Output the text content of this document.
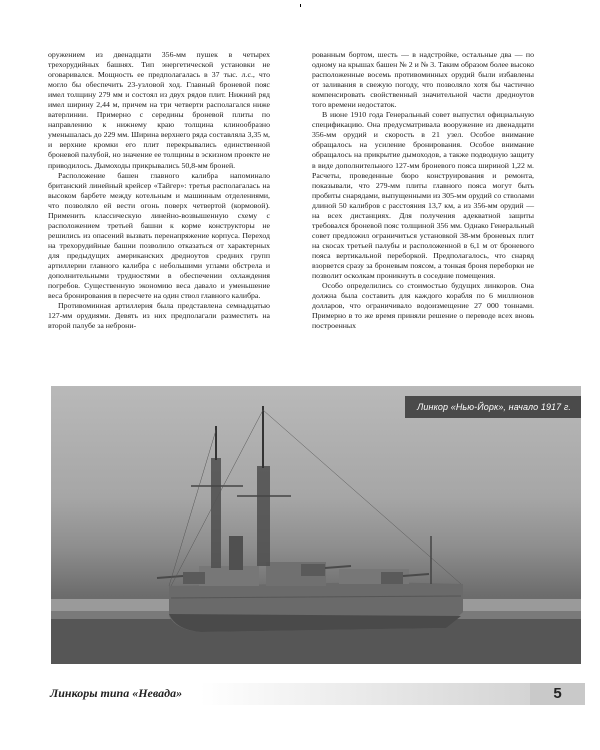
оружением из двенадцати 356-мм пушек в четырех трехорудийных башнях. Тип энергетической установки не оговаривался. Мощность ее предполагалась в 37 тыс. л.с., что могло бы обеспечить 23-узловой ход. Главный броневой пояс имел толщину 279 мм и состоял из двух рядов плит. Нижний ряд имел ширину 2,44 м, причем на три четверти располагался ниже ватерлинии. Примерно с середины броневой плиты по направлению к нижнему краю толщина клинообразно уменьшалась до 229 мм. Ширина верхнего ряда составляла 3,35 м, и верхние кромки его плит перекрывались единственной броневой палубой, но значение ее толщины в эскизном проекте не приводилось. Дымоходы прикрывались 50,8-мм броней.

Расположение башен главного калибра напоминало британский линейный крейсер «Тайгер»: третья располагалась на высоком барбете между котельным и машинным отделениями, что позволяло ей вести огонь поверх четвертой (кормовой). Применить классическую линейно-возвышенную схему с расположением третьей башни к корме конструкторы не решились из опасений вызвать перенапряжение корпуса. Переход на трехорудийные башни позволило отказаться от характерных для предыдущих американских дредноутов средних групп артиллерии главного калибра с небольшими углами обстрела и дополнительными трудностями в обеспечении охлаждения погребов. Существенную экономию веса давало и уменьшение веса бронирования в пересчете на один ствол главного калибра.

Противоминная артиллерия была представлена семнадцатью 127-мм орудиями. Девять из них предполагали разместить на второй палубе за неброни-

рованным бортом, шесть — в надстройке, остальные два — по одному на крышах башен № 2 и № 3. Таким образом более высоко расположенные восемь противоминных орудий были избавлены от заливания в свежую погоду, что позволяло хотя бы частично компенсировать свойственный значительной части дредноутов того времени недостаток.

В июне 1910 года Генеральный совет выпустил официальную спецификацию. Она предусматривала вооружение из двенадцати 356-мм орудий и скорость в 21 узел. Особое внимание обращалось на усиление бронирования. Особое внимание обращалось на прикрытие дымоходов, а также подводную защиту в виде дополнительного 127-мм броневого пояса шириной 1,22 м. Расчеты, проведенные бюро конструирования и ремонта, показывали, что 279-мм плиты главного пояса могут быть пробиты снарядами, выпущенными из 305-мм орудий со стволами длиной 50 калибров с расстояния 13,7 км, а из 356-мм орудий — на всех дистанциях. Для получения адекватной защиты требовался броневой пояс толщиной 356 мм. Однако Генеральный совет предложил ограничиться установкой 38-мм броневых плит на скосах третьей палубы и расположенной в 6,1 м от броневого пояса вертикальной переборкой. Предполагалось, что снаряд взорвется сразу за броневым поясом, а тонкая броня переборки не позволит осколкам проникнуть в соседние помещения.

Особо определились со стоимостью будущих линкоров. Она должна была составить для каждого корабля по 6 миллионов долларов, что ограничивало водоизмещение 27 000 тоннами. Примерно в то же время приняли решение о переводе всех вновь построенных

Линкор «Нью-Йорк», начало 1917 г.
Линкоры типа «Невада»	5
